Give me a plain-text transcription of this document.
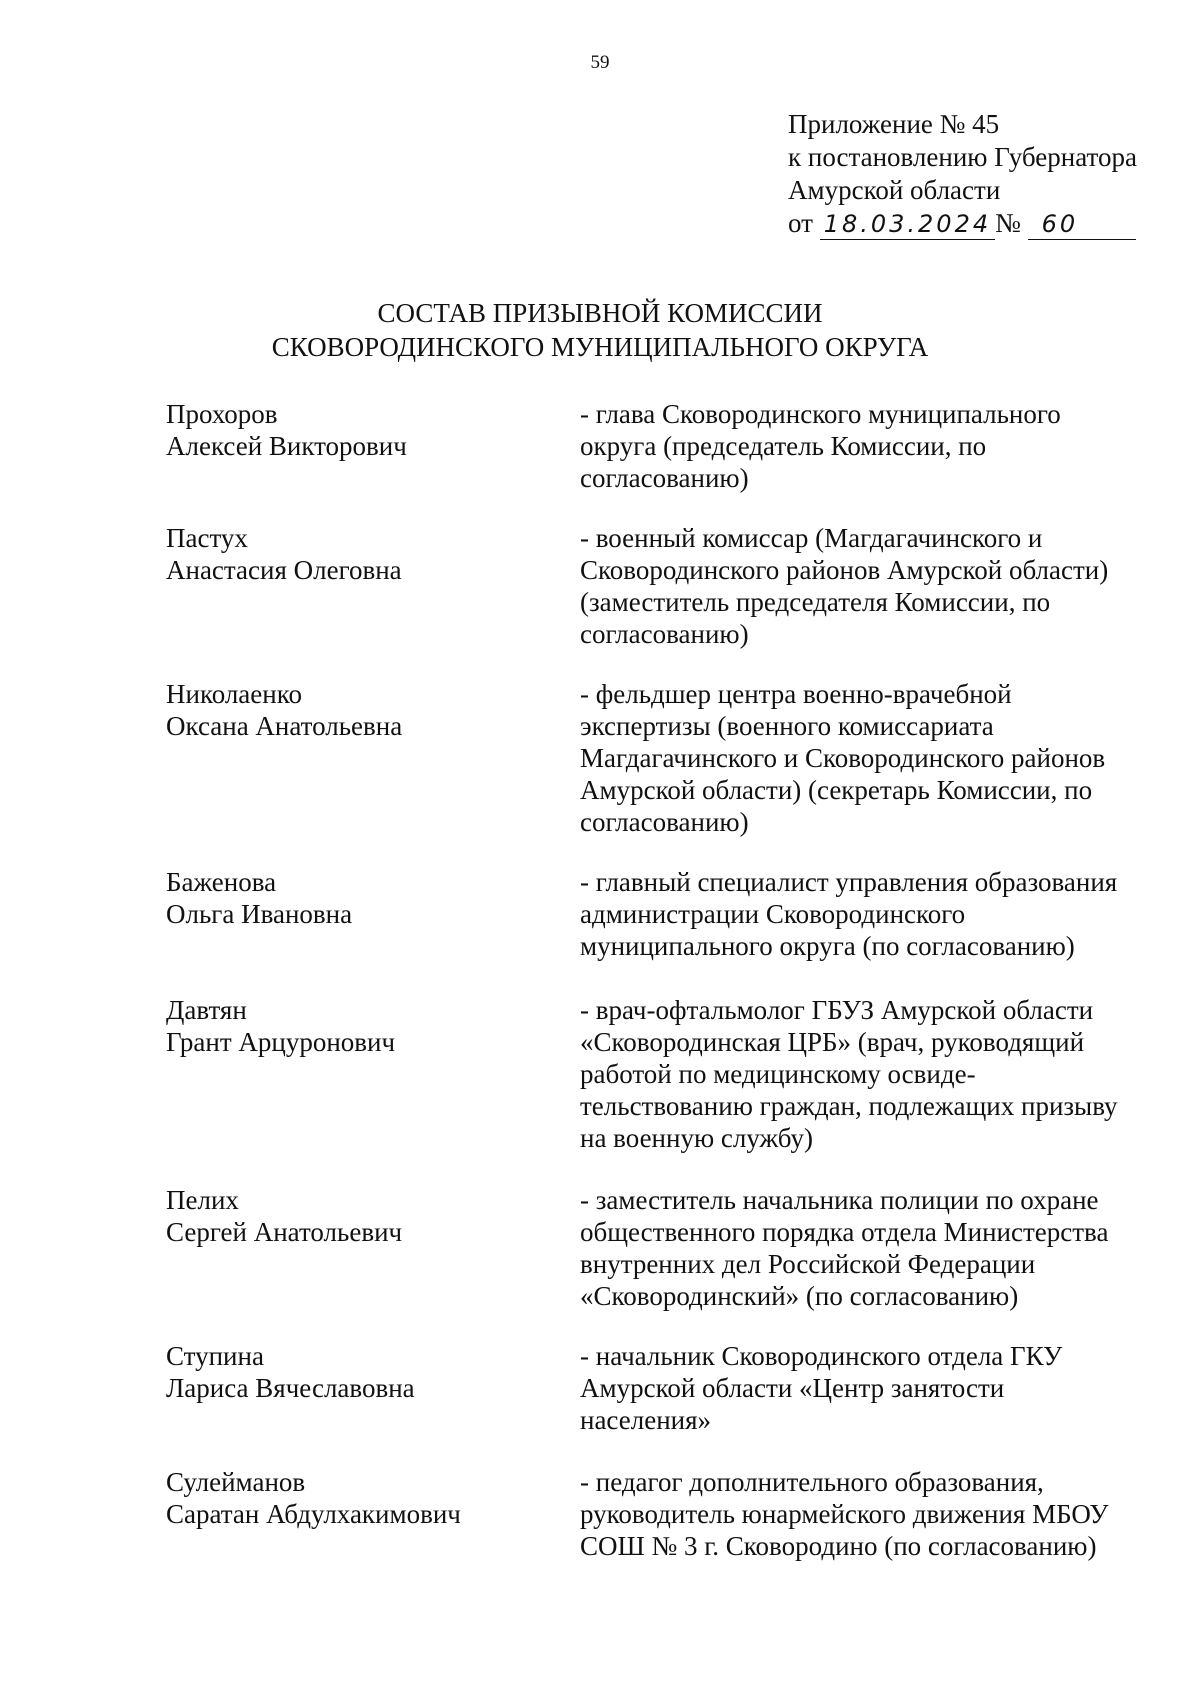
59
Приложение № 45
к постановлению Губернатора
Амурской области
от 18.03.2024 № 60
СОСТАВ ПРИЗЫВНОЙ КОМИССИИ
СКОВОРОДИНСКОГО МУНИЦИПАЛЬНОГО ОКРУГА
Прохоров
Алексей Викторович
- глава Сковородинского муниципального
округа (председатель Комиссии, по
согласованию)
Пастух
Анастасия Олеговна
- военный комиссар (Магдагачинского и
Сковородинского районов Амурской области)
(заместитель председателя Комиссии, по
согласованию)
Николаенко
Оксана Анатольевна
- фельдшер центра военно-врачебной
экспертизы (военного комиссариата
Магдагачинского и Сковородинского районов
Амурской области) (секретарь Комиссии, по
согласованию)
Баженова
Ольга Ивановна
- главный специалист управления образования
администрации Сковородинского
муниципального округа (по согласованию)
Давтян
Грант Арцуронович
- врач-офтальмолог ГБУЗ Амурской области
«Сковородинская ЦРБ» (врач, руководящий
работой по медицинскому освиде-
тельствованию граждан, подлежащих призыву
на военную службу)
Пелих
Сергей Анатольевич
- заместитель начальника полиции по охране
общественного порядка отдела Министерства
внутренних дел Российской Федерации
«Сковородинский» (по согласованию)
Ступина
Лариса Вячеславовна
- начальник Сковородинского отдела ГКУ
Амурской области «Центр занятости
населения»
Сулейманов
Саратан Абдулхакимович
- педагог дополнительного образования,
руководитель юнармейского движения МБОУ
СОШ № 3 г. Сковородино (по согласованию)
